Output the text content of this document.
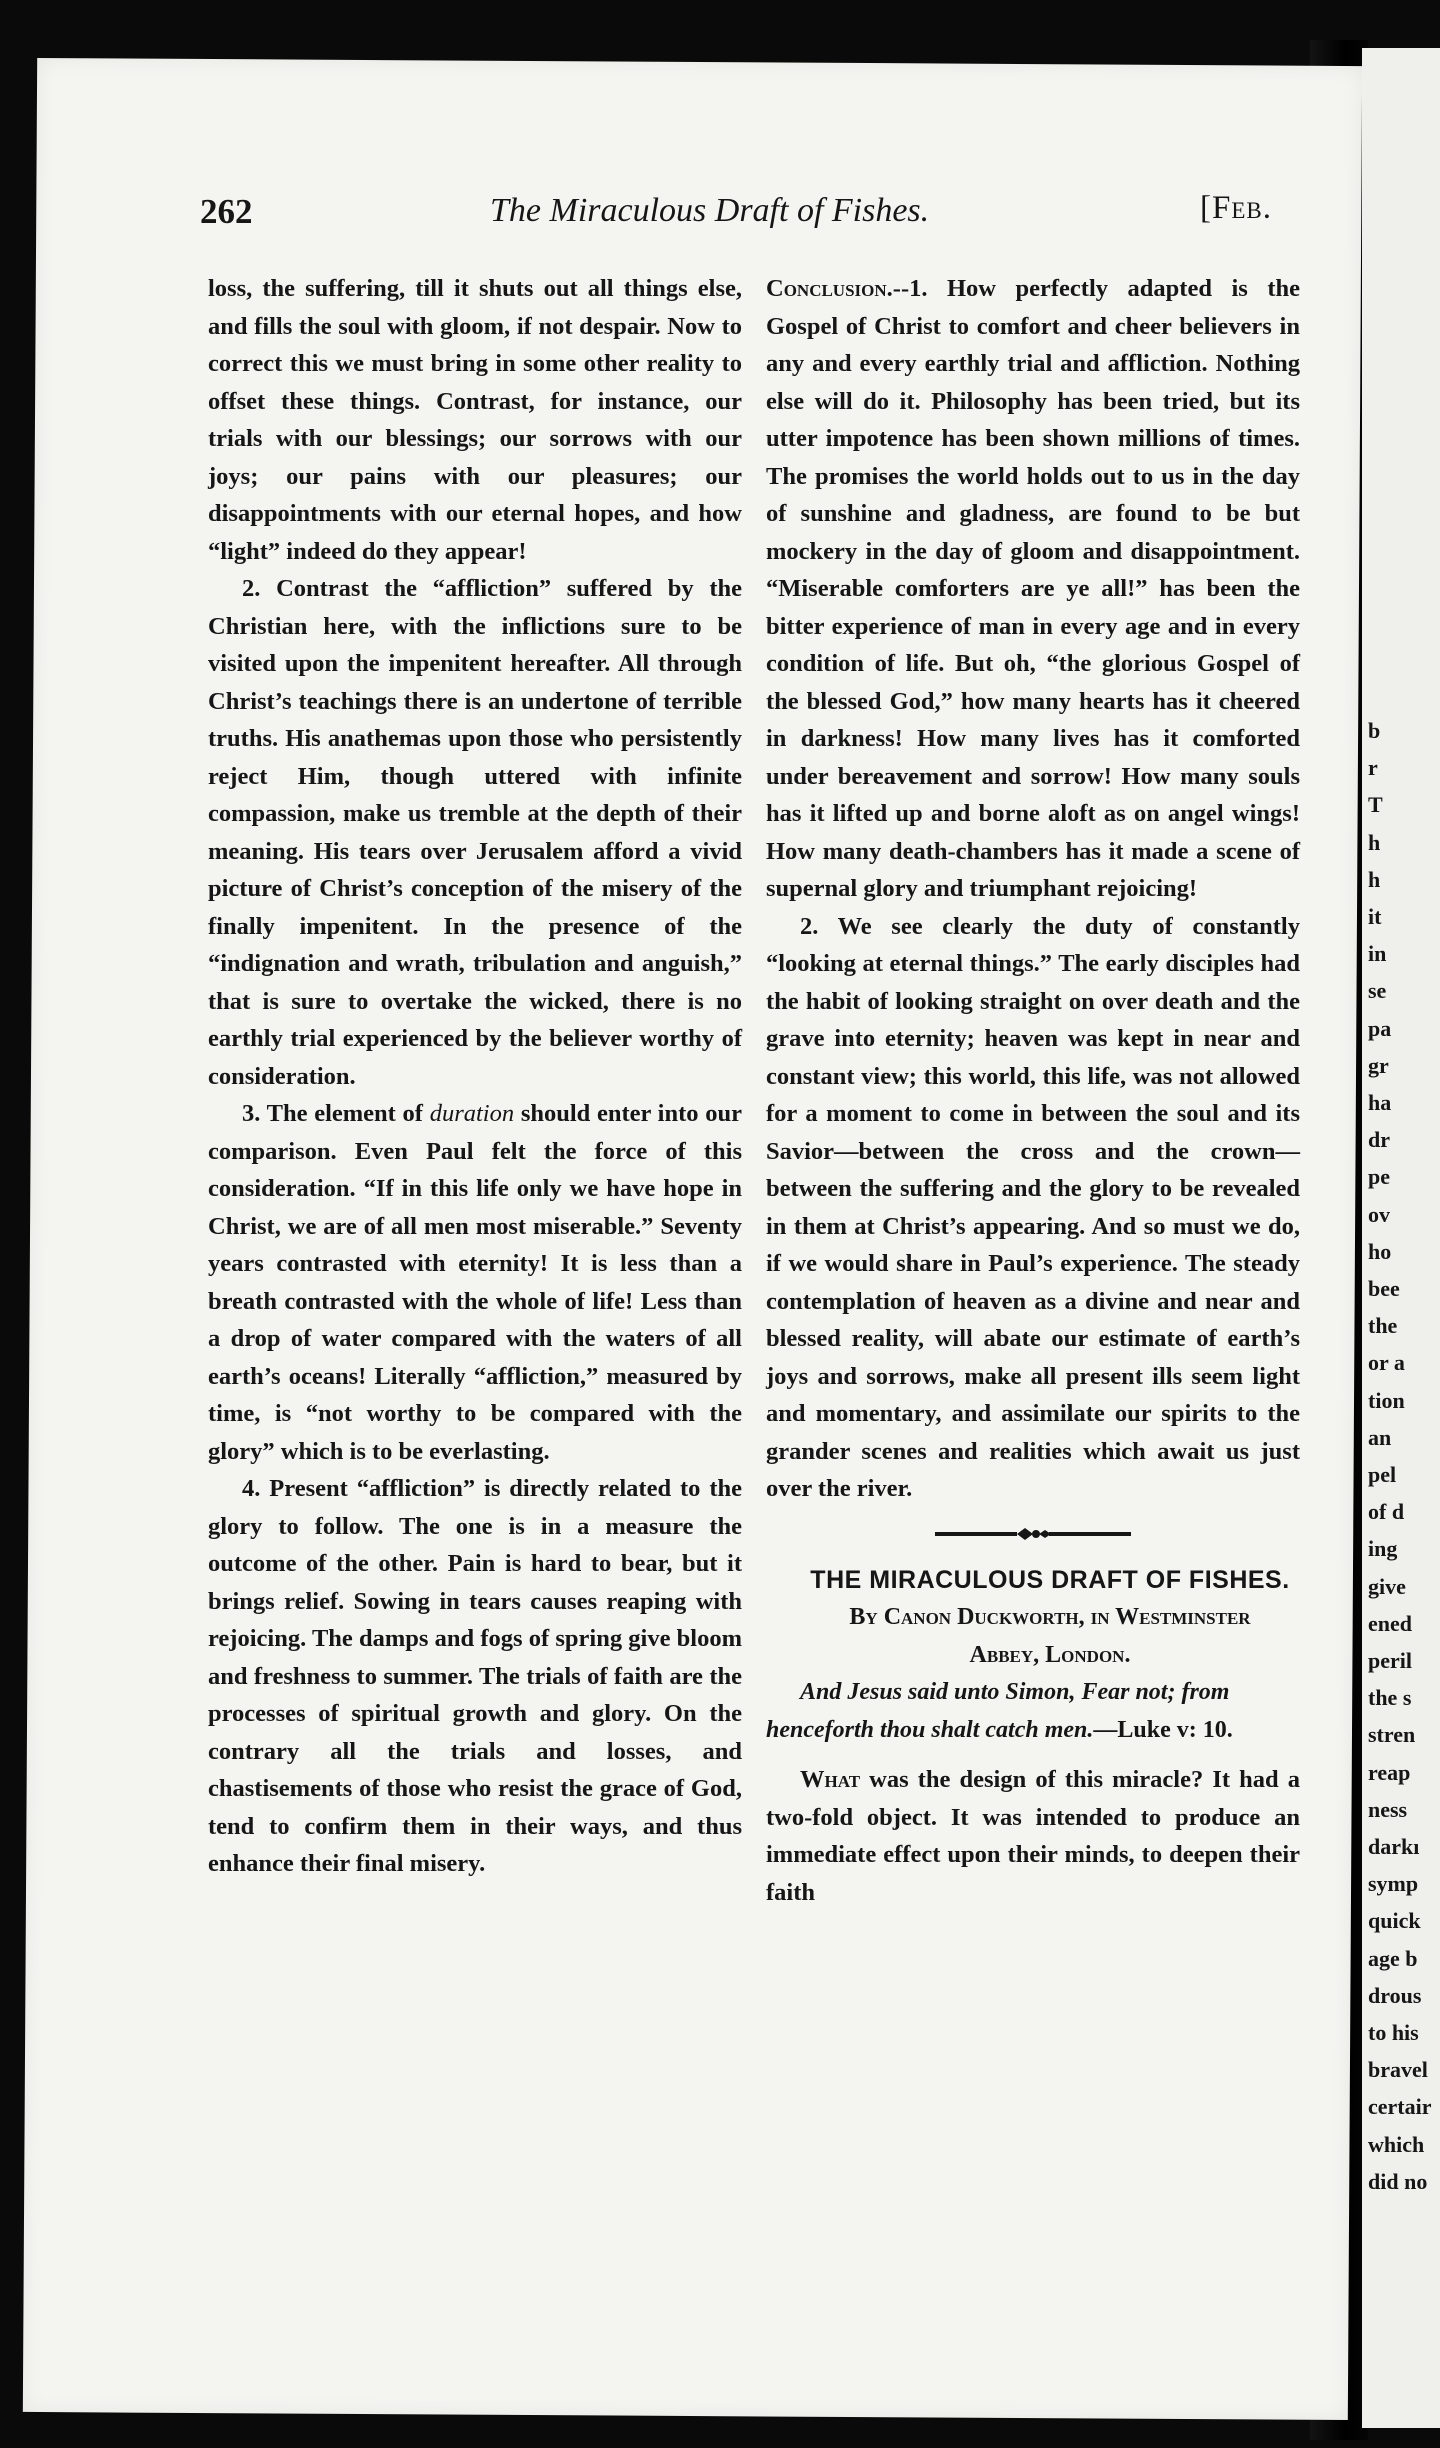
b
r
T
h
h
it
in
se
pa
gr
ha
dr
pe
ov
ho
bee
the
or a
tion
an
pel
of d
ing
give
ened
peril
the s
stren
reap
ness
darkı
symp
quick
age b
drous
to his
bravel
certair
which
did no
262	The Miraculous Draft of Fishes.	[Feb.

loss, the suffering, till it shuts out all things else, and fills the soul with gloom, if not despair. Now to correct this we must bring in some other reality to offset these things. Contrast, for instance, our trials with our blessings; our sorrows with our joys; our pains with our pleasures; our disappointments with our eternal hopes, and how “light” indeed do they appear!

2. Contrast the “affliction” suffered by the Christian here, with the inflictions sure to be visited upon the impenitent hereafter. All through Christ’s teachings there is an undertone of terrible truths. His anathemas upon those who persistently reject Him, though uttered with infinite compassion, make us tremble at the depth of their meaning. His tears over Jerusalem afford a vivid picture of Christ’s conception of the misery of the finally impenitent. In the presence of the “indignation and wrath, tribulation and anguish,” that is sure to overtake the wicked, there is no earthly trial experienced by the believer worthy of consideration.

3. The element of duration should enter into our comparison. Even Paul felt the force of this consideration. “If in this life only we have hope in Christ, we are of all men most miserable.” Seventy years contrasted with eternity! It is less than a breath contrasted with the whole of life! Less than a drop of water compared with the waters of all earth’s oceans! Literally “affliction,” measured by time, is “not worthy to be compared with the glory” which is to be everlasting.

4. Present “affliction” is directly related to the glory to follow. The one is in a measure the outcome of the other. Pain is hard to bear, but it brings relief. Sowing in tears causes reaping with rejoicing. The damps and fogs of spring give bloom and freshness to summer. The trials of faith are the processes of spiritual growth and glory. On the contrary all the trials and losses, and chastisements of those who resist the grace of God, tend to confirm them in their ways, and thus enhance their final misery.

Conclusion.--1. How perfectly adapted is the Gospel of Christ to comfort and cheer believers in any and every earthly trial and affliction. Nothing else will do it. Philosophy has been tried, but its utter impotence has been shown millions of times. The promises the world holds out to us in the day of sunshine and gladness, are found to be but mockery in the day of gloom and disappointment. “Miserable comforters are ye all!” has been the bitter experience of man in every age and in every condition of life. But oh, “the glorious Gospel of the blessed God,” how many hearts has it cheered in darkness! How many lives has it comforted under bereavement and sorrow! How many souls has it lifted up and borne aloft as on angel wings! How many death-chambers has it made a scene of supernal glory and triumphant rejoicing!

2. We see clearly the duty of constantly “looking at eternal things.” The early disciples had the habit of looking straight on over death and the grave into eternity; heaven was kept in near and constant view; this world, this life, was not allowed for a moment to come in between the soul and its Savior—between the cross and the crown—between the suffering and the glory to be revealed in them at Christ’s appearing. And so must we do, if we would share in Paul’s experience. The steady contemplation of heaven as a divine and near and blessed reality, will abate our estimate of earth’s joys and sorrows, make all present ills seem light and momentary, and assimilate our spirits to the grander scenes and realities which await us just over the river.

THE MIRACULOUS DRAFT OF FISHES.

By Canon Duckworth, in Westminster

Abbey, London.

And Jesus said unto Simon, Fear not; from henceforth thou shalt catch men.—Luke v: 10.

What was the design of this miracle? It had a two-fold object. It was intended to produce an immediate effect upon their minds, to deepen their faith
